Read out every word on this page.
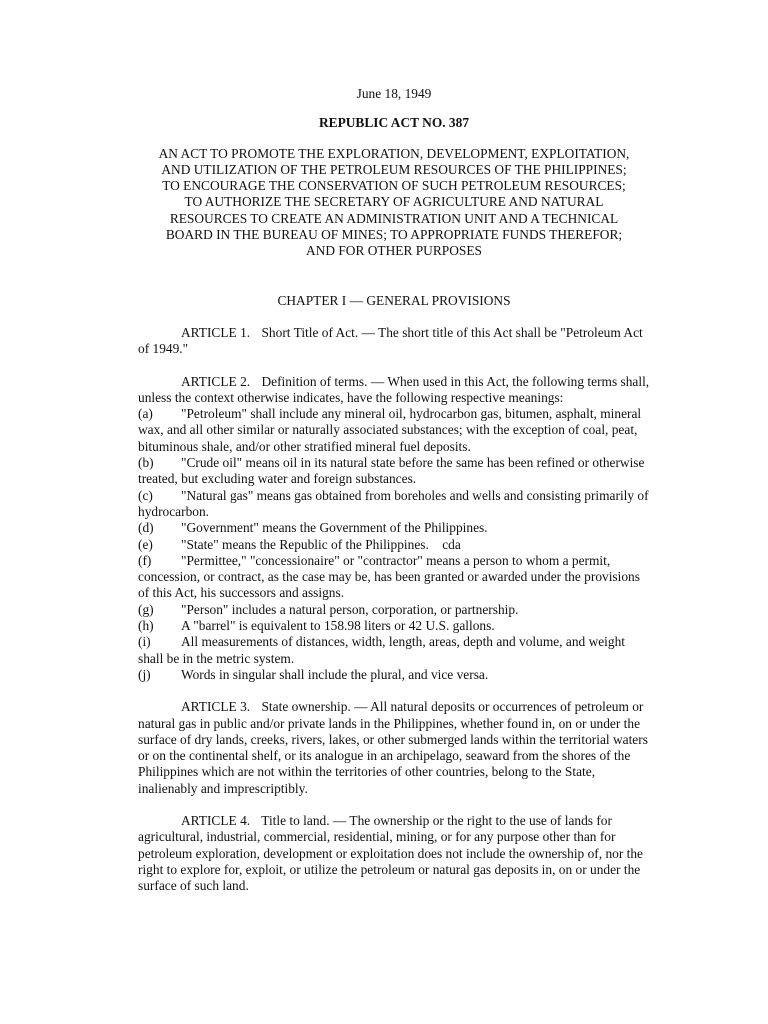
June 18, 1949
REPUBLIC ACT NO. 387
AN ACT TO PROMOTE THE EXPLORATION, DEVELOPMENT, EXPLOITATION,
AND UTILIZATION OF THE PETROLEUM RESOURCES OF THE PHILIPPINES;
TO ENCOURAGE THE CONSERVATION OF SUCH PETROLEUM RESOURCES;
TO AUTHORIZE THE SECRETARY OF AGRICULTURE AND NATURAL
RESOURCES TO CREATE AN ADMINISTRATION UNIT AND A TECHNICAL
BOARD IN THE BUREAU OF MINES; TO APPROPRIATE FUNDS THEREFOR;
AND FOR OTHER PURPOSES
CHAPTER I — GENERAL PROVISIONS
ARTICLE 1. Short Title of Act. — The short title of this Act shall be "Petroleum Act of 1949."
ARTICLE 2. Definition of terms. — When used in this Act, the following terms shall, unless the context otherwise indicates, have the following respective meanings:
(a) "Petroleum" shall include any mineral oil, hydrocarbon gas, bitumen, asphalt, mineral wax, and all other similar or naturally associated substances; with the exception of coal, peat, bituminous shale, and/or other stratified mineral fuel deposits.
(b) "Crude oil" means oil in its natural state before the same has been refined or otherwise treated, but excluding water and foreign substances.
(c) "Natural gas" means gas obtained from boreholes and wells and consisting primarily of hydrocarbon.
(d) "Government" means the Government of the Philippines.
(e) "State" means the Republic of the Philippines.    cda
(f) "Permittee," "concessionaire" or "contractor" means a person to whom a permit, concession, or contract, as the case may be, has been granted or awarded under the provisions of this Act, his successors and assigns.
(g) "Person" includes a natural person, corporation, or partnership.
(h) A "barrel" is equivalent to 158.98 liters or 42 U.S. gallons.
(i) All measurements of distances, width, length, areas, depth and volume, and weight shall be in the metric system.
(j) Words in singular shall include the plural, and vice versa.
ARTICLE 3. State ownership. — All natural deposits or occurrences of petroleum or natural gas in public and/or private lands in the Philippines, whether found in, on or under the surface of dry lands, creeks, rivers, lakes, or other submerged lands within the territorial waters or on the continental shelf, or its analogue in an archipelago, seaward from the shores of the Philippines which are not within the territories of other countries, belong to the State, inalienably and imprescriptibly.
ARTICLE 4. Title to land. — The ownership or the right to the use of lands for agricultural, industrial, commercial, residential, mining, or for any purpose other than for petroleum exploration, development or exploitation does not include the ownership of, nor the right to explore for, exploit, or utilize the petroleum or natural gas deposits in, on or under the surface of such land.
